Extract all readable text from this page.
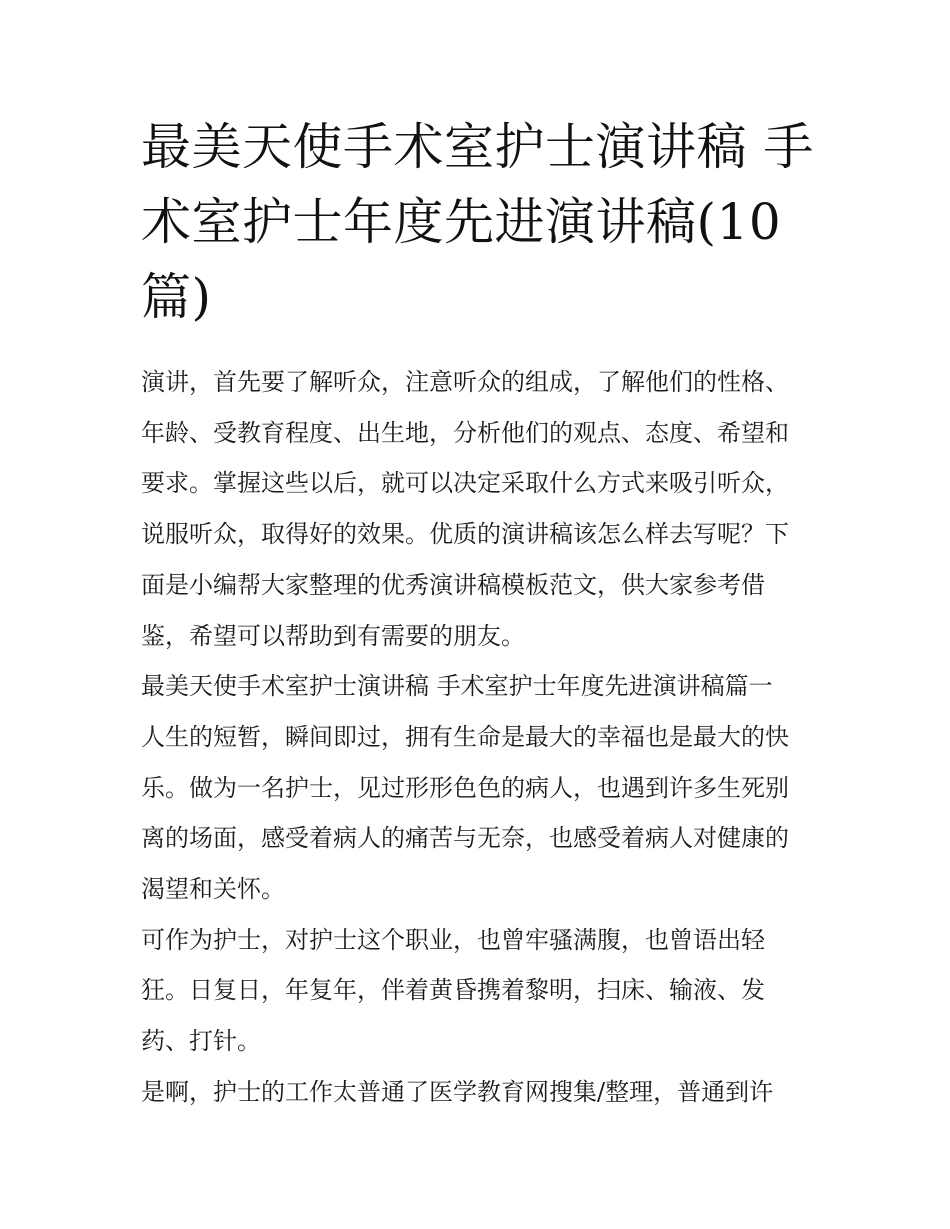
最美天使手术室护士演讲稿 手
术室护士年度先进演讲稿(10
篇)

演讲，首先要了解听众，注意听众的组成，了解他们的性格、
年龄、受教育程度、出生地，分析他们的观点、态度、希望和
要求。掌握这些以后，就可以决定采取什么方式来吸引听众，
说服听众，取得好的效果。优质的演讲稿该怎么样去写呢？下
面是小编帮大家整理的优秀演讲稿模板范文，供大家参考借
鉴，希望可以帮助到有需要的朋友。

最美天使手术室护士演讲稿 手术室护士年度先进演讲稿篇一

人生的短暂，瞬间即过，拥有生命是最大的幸福也是最大的快
乐。做为一名护士，见过形形色色的病人，也遇到许多生死别
离的场面，感受着病人的痛苦与无奈，也感受着病人对健康的
渴望和关怀。

可作为护士，对护士这个职业，也曾牢骚满腹，也曾语出轻
狂。日复日，年复年，伴着黄昏携着黎明，扫床、输液、发
药、打针。

是啊，护士的工作太普通了医学教育网搜集/整理，普通到许
